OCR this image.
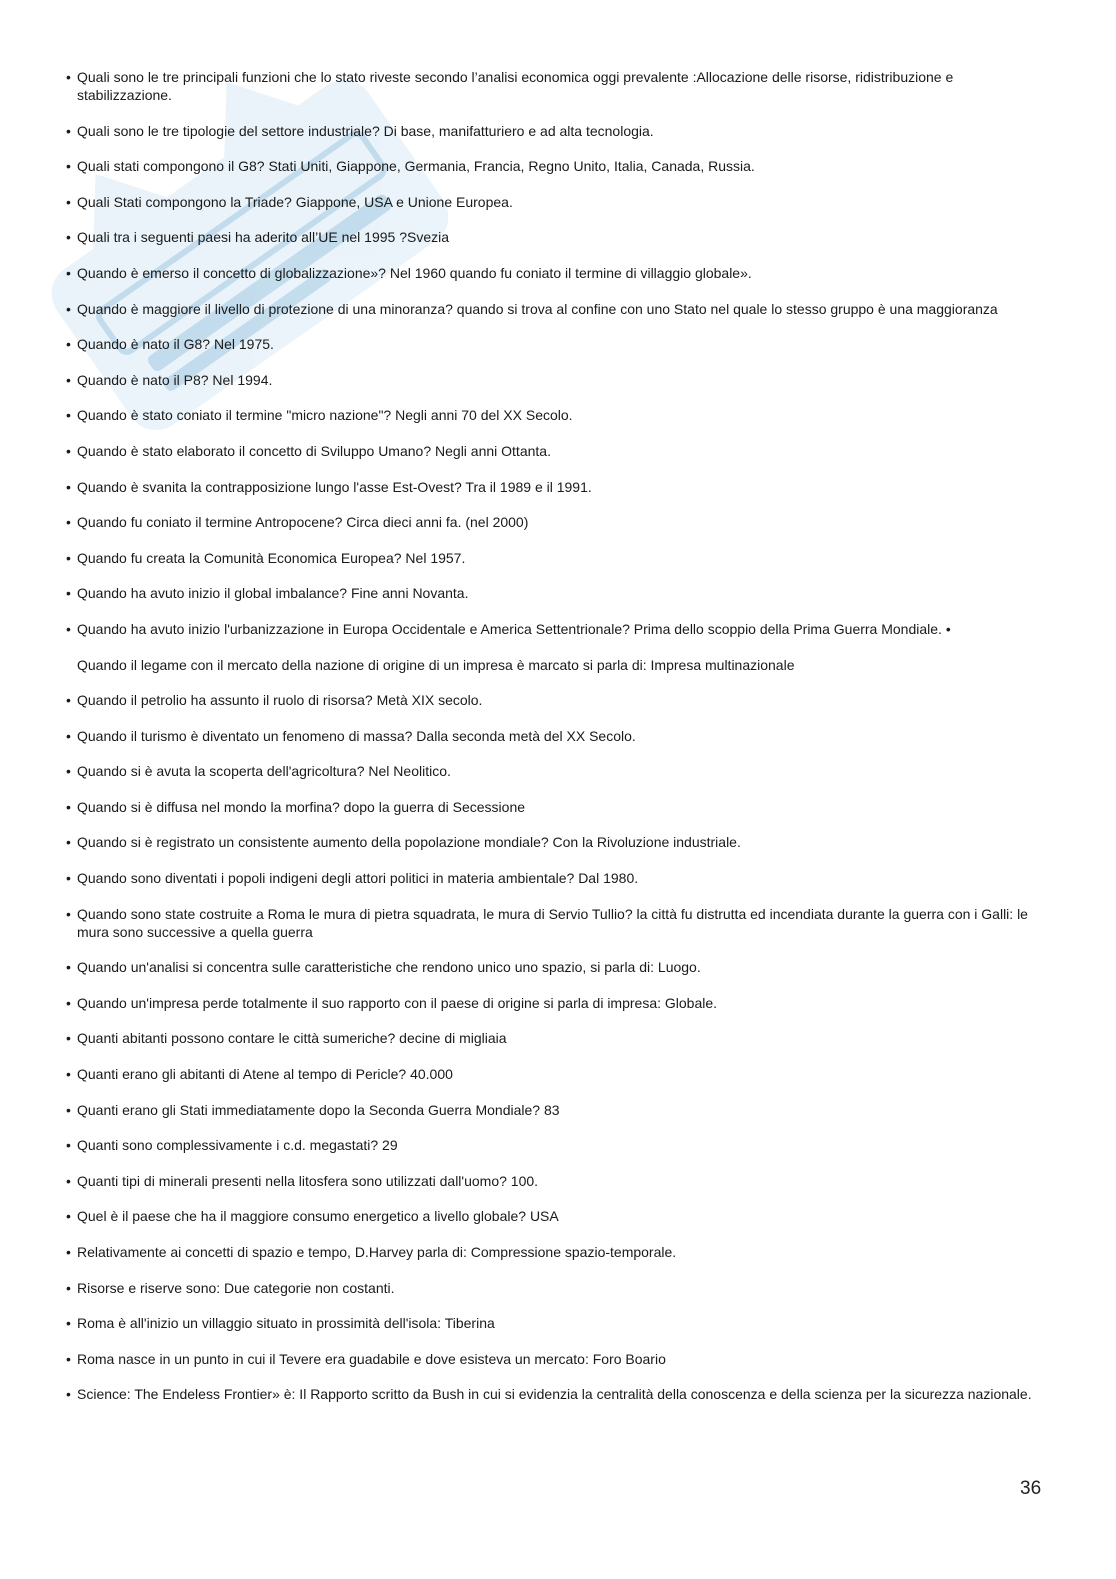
• Quali sono le tre principali funzioni che lo stato riveste secondo l’analisi economica oggi prevalente :Allocazione delle risorse, ridistribuzione e stabilizzazione.
• Quali sono le tre tipologie del settore industriale? Di base, manifatturiero e ad alta tecnologia.
• Quali stati compongono il G8? Stati Uniti, Giappone, Germania, Francia, Regno Unito, Italia, Canada, Russia.
• Quali Stati compongono la Triade? Giappone, USA e Unione Europea.
• Quali tra i seguenti paesi ha aderito all’UE nel 1995 ?Svezia
• Quando è emerso il concetto di globalizzazione»? Nel 1960 quando fu coniato il termine di villaggio globale».
• Quando è maggiore il livello di protezione di una minoranza? quando si trova al confine con uno Stato nel quale lo stesso gruppo è una maggioranza
• Quando è nato il G8? Nel 1975.
• Quando è nato il P8? Nel 1994.
• Quando è stato coniato il termine "micro nazione"? Negli anni 70 del XX Secolo.
• Quando è stato elaborato il concetto di Sviluppo Umano? Negli anni Ottanta.
• Quando è svanita la contrapposizione lungo l'asse Est-Ovest? Tra il 1989 e il 1991.
• Quando fu coniato il termine Antropocene? Circa dieci anni fa. (nel 2000)
• Quando fu creata la Comunità Economica Europea? Nel 1957.
• Quando ha avuto inizio il global imbalance? Fine anni Novanta.
• Quando ha avuto inizio l'urbanizzazione in Europa Occidentale e America Settentrionale? Prima dello scoppio della Prima Guerra Mondiale. •
Quando il legame con il mercato della nazione di origine di un impresa è marcato si parla di: Impresa multinazionale
• Quando il petrolio ha assunto il ruolo di risorsa? Metà XIX secolo.
• Quando il turismo è diventato un fenomeno di massa? Dalla seconda metà del XX Secolo.
• Quando si è avuta la scoperta dell'agricoltura? Nel Neolitico.
• Quando si è diffusa nel mondo la morfina? dopo la guerra di Secessione
• Quando si è registrato un consistente aumento della popolazione mondiale? Con la Rivoluzione industriale.
• Quando sono diventati i popoli indigeni degli attori politici in materia ambientale? Dal 1980.
• Quando sono state costruite a Roma le mura di pietra squadrata, le mura di Servio Tullio? la città fu distrutta ed incendiata durante la guerra con i Galli: le mura sono successive a quella guerra
• Quando un'analisi si concentra sulle caratteristiche che rendono unico uno spazio, si parla di: Luogo.
• Quando un'impresa perde totalmente il suo rapporto con il paese di origine si parla di impresa: Globale.
• Quanti abitanti possono contare le città sumeriche? decine di migliaia
• Quanti erano gli abitanti di Atene al tempo di Pericle? 40.000
• Quanti erano gli Stati immediatamente dopo la Seconda Guerra Mondiale? 83
• Quanti sono complessivamente i c.d. megastati? 29
• Quanti tipi di minerali presenti nella litosfera sono utilizzati dall'uomo? 100.
• Quel è il paese che ha il maggiore consumo energetico a livello globale? USA
• Relativamente ai concetti di spazio e tempo, D.Harvey parla di: Compressione spazio-temporale.
• Risorse e riserve sono: Due categorie non costanti.
• Roma è all'inizio un villaggio situato in prossimità dell'isola: Tiberina
• Roma nasce in un punto in cui il Tevere era guadabile e dove esisteva un mercato: Foro Boario
• Science: The Endeless Frontier» è: Il Rapporto scritto da Bush in cui si evidenzia la centralità della conoscenza e della scienza per la sicurezza nazionale.
36
